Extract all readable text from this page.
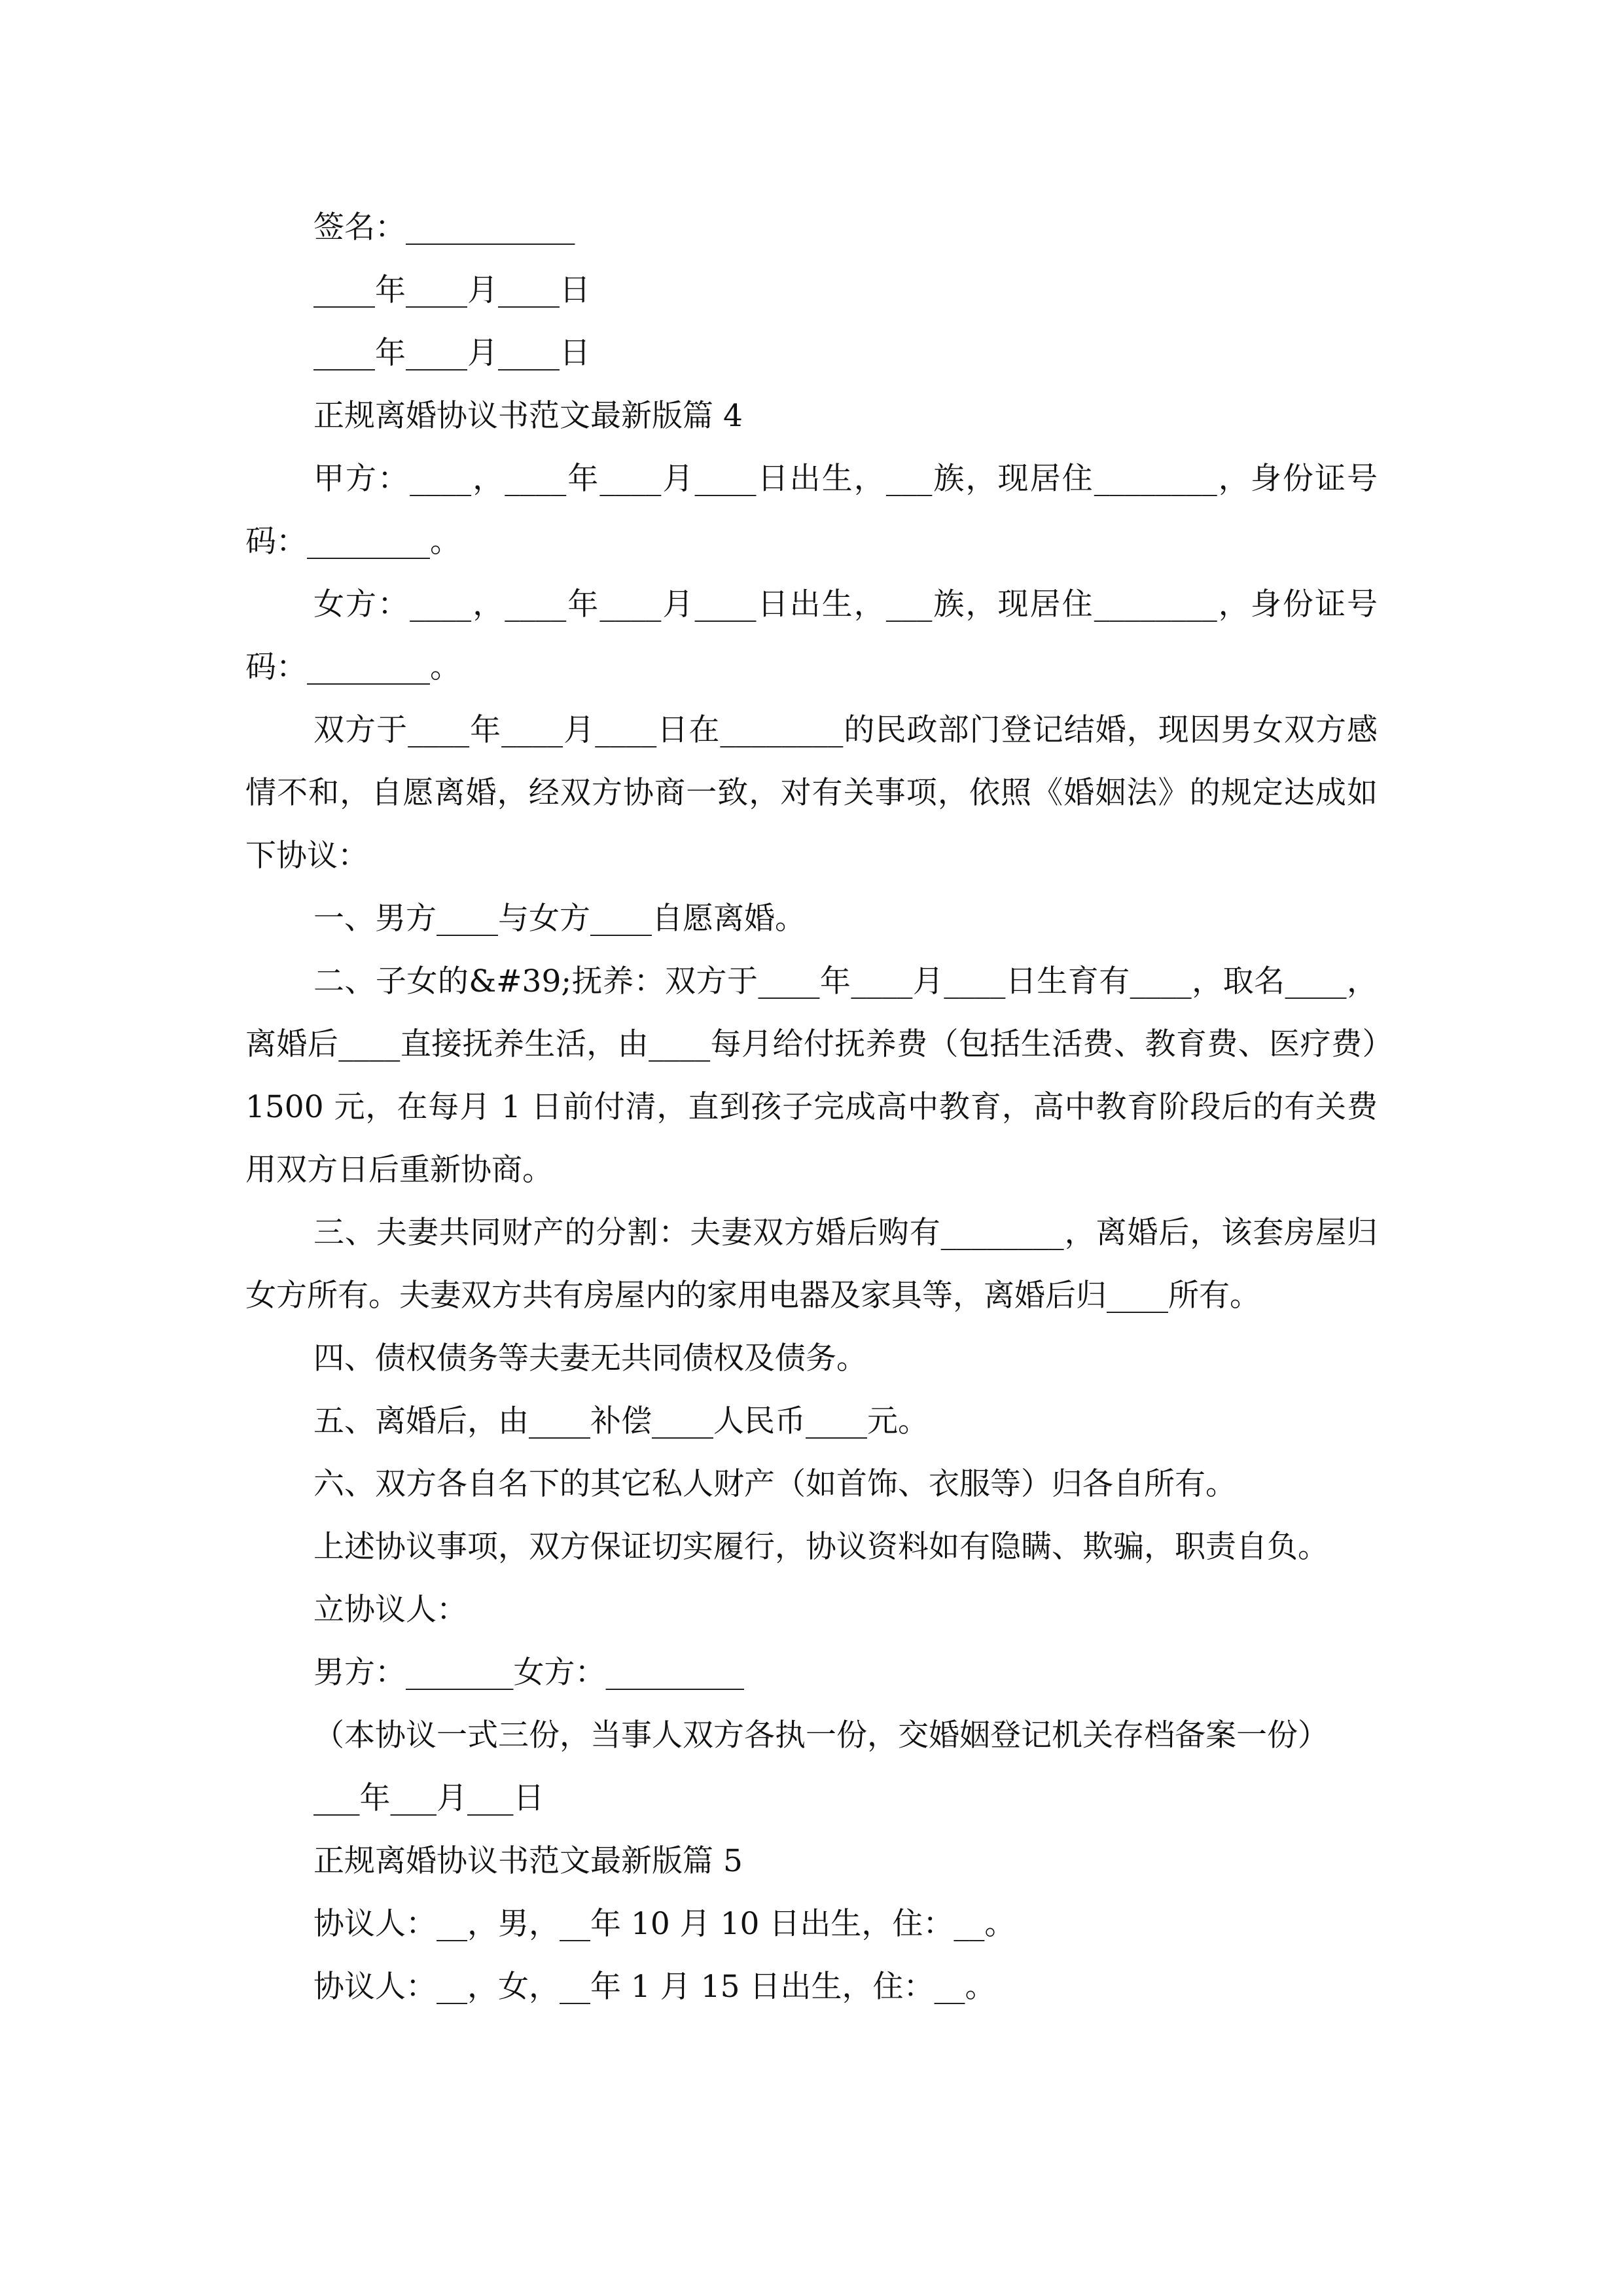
签名：___________

____年____月____日

____年____月____日

正规离婚协议书范文最新版篇 4

甲方：____，____年____月____日出生，___族，现居住________，身份证号码：________。

女方：____，____年____月____日出生，___族，现居住________，身份证号码：________。

双方于____年____月____日在________的民政部门登记结婚，现因男女双方感情不和，自愿离婚，经双方协商一致，对有关事项，依照《婚姻法》的规定达成如下协议：

一、男方____与女方____自愿离婚。

二、子女的&#39;抚养：双方于____年____月____日生育有____，取名____，离婚后____直接抚养生活，由____每月给付抚养费（包括生活费、教育费、医疗费）1500 元，在每月 1 日前付清，直到孩子完成高中教育，高中教育阶段后的有关费用双方日后重新协商。

三、夫妻共同财产的分割：夫妻双方婚后购有________，离婚后，该套房屋归女方所有。夫妻双方共有房屋内的家用电器及家具等，离婚后归____所有。

四、债权债务等夫妻无共同债权及债务。

五、离婚后，由____补偿____人民币____元。

六、双方各自名下的其它私人财产（如首饰、衣服等）归各自所有。

上述协议事项，双方保证切实履行，协议资料如有隐瞒、欺骗，职责自负。

立协议人：

男方：_______女方：_________

（本协议一式三份，当事人双方各执一份，交婚姻登记机关存档备案一份）

___年___月___日

正规离婚协议书范文最新版篇 5

协议人：__，男，__年 10 月 10 日出生，住：__。

协议人：__，女，__年 1 月 15 日出生，住：__。
